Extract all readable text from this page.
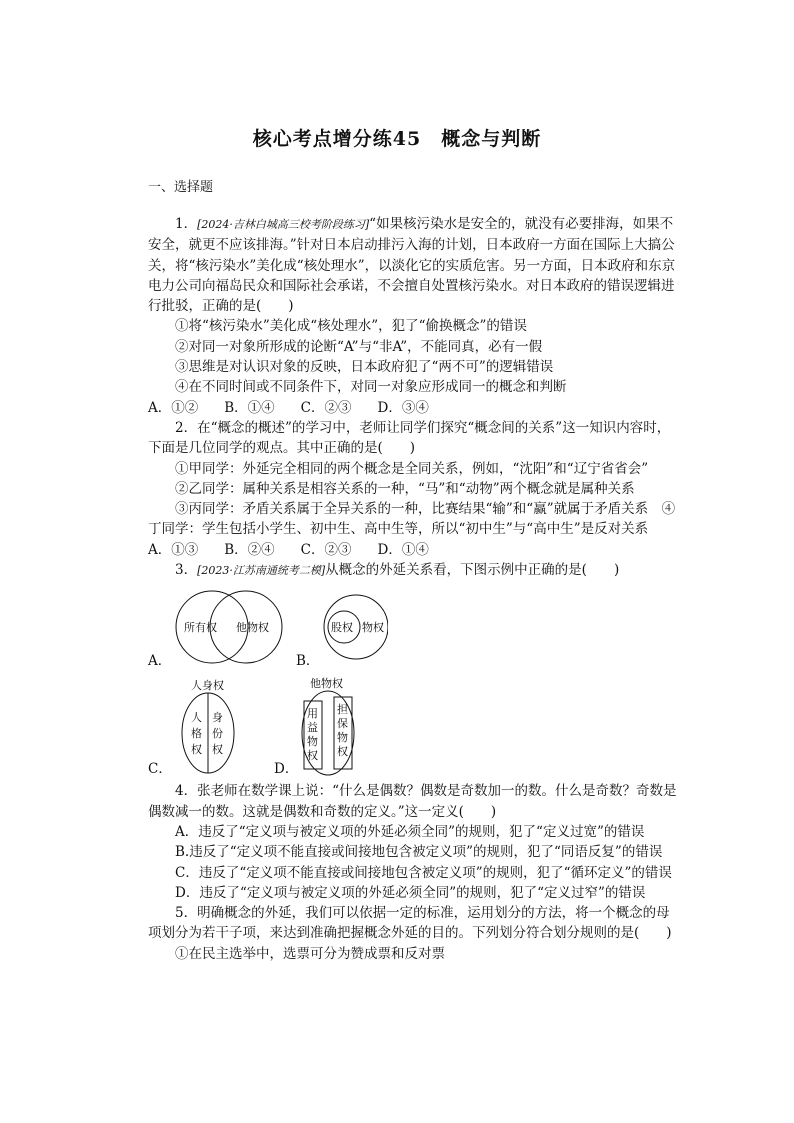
核心考点增分练45　概念与判断
一、选择题

1．[2024·吉林白城高三校考阶段练习]“如果核污染水是安全的，就没有必要排海，如果不安全，就更不应该排海。”针对日本启动排污入海的计划，日本政府一方面在国际上大搞公关，将“核污染水”美化成“核处理水”，以淡化它的实质危害。另一方面，日本政府和东京电力公司向福岛民众和国际社会承诺，不会擅自处置核污染水。对日本政府的错误逻辑进行批驳，正确的是(　　)

①将“核污染水”美化成“核处理水”，犯了“偷换概念”的错误

②对同一对象所形成的论断“A”与“非A”，不能同真，必有一假

③思维是对认识对象的反映，日本政府犯了“两不可”的逻辑错误

④在不同时间或不同条件下，对同一对象应形成同一的概念和判断

A．①② B．①④ C．②③ D．③④

2．在“概念的概述”的学习中，老师让同学们探究“概念间的关系”这一知识内容时，下面是几位同学的观点。其中正确的是(　　)

①甲同学：外延完全相同的两个概念是全同关系，例如，“沈阳”和“辽宁省省会”

②乙同学：属种关系是相容关系的一种，“马”和“动物”两个概念就是属种关系

③丙同学：矛盾关系属于全异关系的一种，比赛结果“输”和“赢”就属于矛盾关系　④丁同学：学生包括小学生、初中生、高中生等，所以“初中生”与“高中生”是反对关系

A．①③ B．②④ C．②③ D．①④

3．[2023·江苏南通统考二模]从概念的外延关系看，下图示例中正确的是(　　)

A．
所有权 他物权
B．
股权 物权
C．
人身权
人
格
权
身
份
权
D．
他物权
用
益
物
权
担
保
物
权

4．张老师在数学课上说：“什么是偶数？偶数是奇数加一的数。什么是奇数？奇数是偶数减一的数。这就是偶数和奇数的定义。”这一定义(　　)

A．违反了“定义项与被定义项的外延必须全同”的规则，犯了“定义过宽”的错误

B.违反了“定义项不能直接或间接地包含被定义项”的规则，犯了“同语反复”的错误

C．违反了“定义项不能直接或间接地包含被定义项”的规则，犯了“循环定义”的错误

D．违反了“定义项与被定义项的外延必须全同”的规则，犯了“定义过窄”的错误

5．明确概念的外延，我们可以依据一定的标准，运用划分的方法，将一个概念的母项划分为若干子项，来达到准确把握概念外延的目的。下列划分符合划分规则的是(　　)

①在民主选举中，选票可分为赞成票和反对票
